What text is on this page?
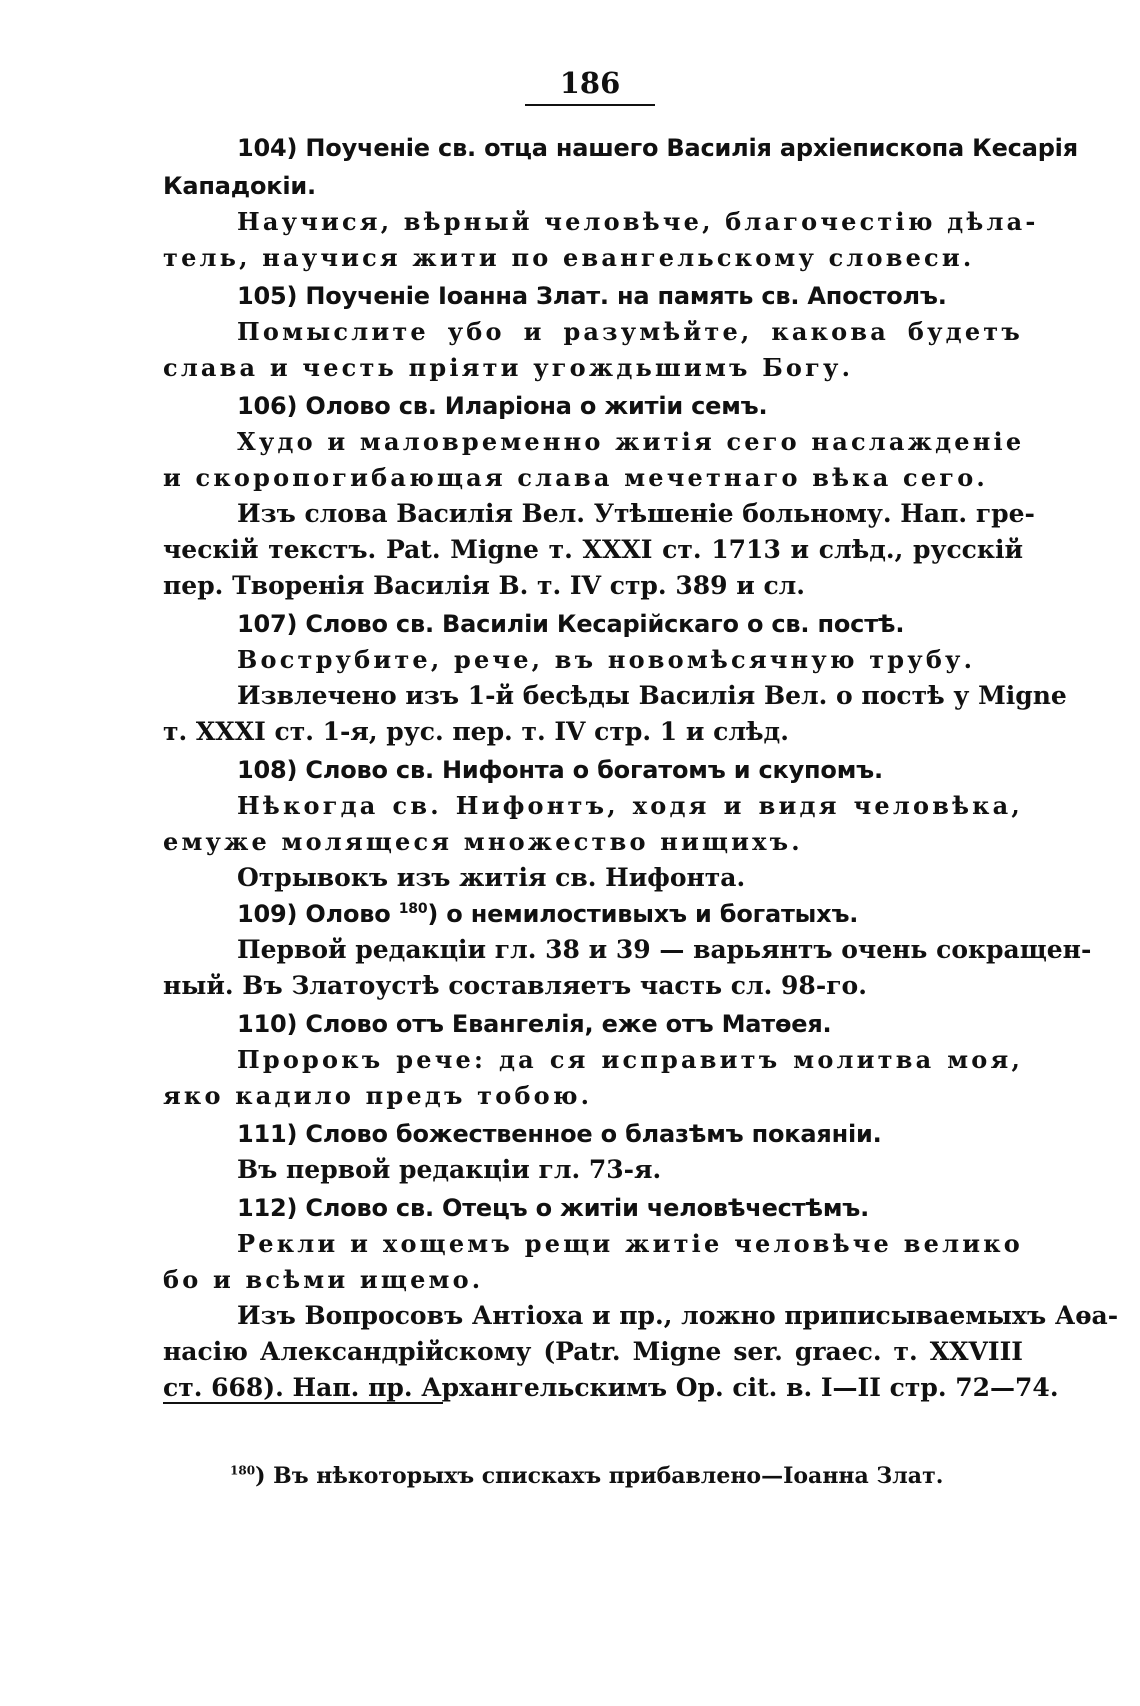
186
104) Поученіе св. отца нашего Василія архіепископа Кесарія
Кападокіи.
Научися, вѣрный человѣче, благочестію дѣла-
тель, научися жити по евангельскому словеси.
105) Поученіе Іоанна Злат. на память св. Апостолъ.
Помыслите убо и разумѣйте, какова будетъ
слава и честь пріяти угождьшимъ Богу.
106) Олово св. Иларіона о житіи семъ.
Худо и маловременно житія сего наслажденіе
и скоропогибающая слава мечетнаго вѣка сего.
Изъ слова Василія Вел. Утѣшеніе больному. Нап. гре-
ческій текстъ. Pat. Migne т. XXXI ст. 1713 и слѣд., русскій
пер. Творенія Василія В. т. IV стр. 389 и сл.
107) Слово св. Василіи Кесарійскаго о св. постѣ.
Вострубите, рече, въ новомѣсячную трубу.
Извлечено изъ 1-й бесѣды Василія Вел. о постѣ у Migne
т. XXXI ст. 1-я, рус. пер. т. IV стр. 1 и слѣд.
108) Слово св. Нифонта о богатомъ и скупомъ.
Нѣкогда св. Нифонтъ, ходя и видя человѣка,
емуже молящеся множество нищихъ.
Отрывокъ изъ житія св. Нифонта.
109) Олово $^{180}$) о немилостивыхъ и богатыхъ.
Первой редакціи гл. 38 и 39 — варьянтъ очень сокращен-
ный. Въ Златоустѣ составляетъ часть сл. 98-го.
110) Слово отъ Евангелія, еже отъ Матѳея.
Пророкъ рече: да ся исправитъ молитва моя,
яко кадило предъ тобою.
111) Слово божественное о блазѣмъ покаяніи.
Въ первой редакціи гл. 73-я.
112) Слово св. Отецъ о житіи человѣчестѣмъ.
Рекли и хощемъ рещи житіе человѣче велико
бо и всѣми ищемо.
Изъ Вопросовъ Антіоха и пр., ложно приписываемыхъ Аѳа-
насію Александрійскому (Patr. Migne ser. graec. т. XXVIII
ст. 668). Нап. пр. Архангельскимъ Op. cit. в. I—II стр. 72—74.
$^{180}$) Въ нѣкоторыхъ спискахъ прибавлено—Іоанна Злат.
